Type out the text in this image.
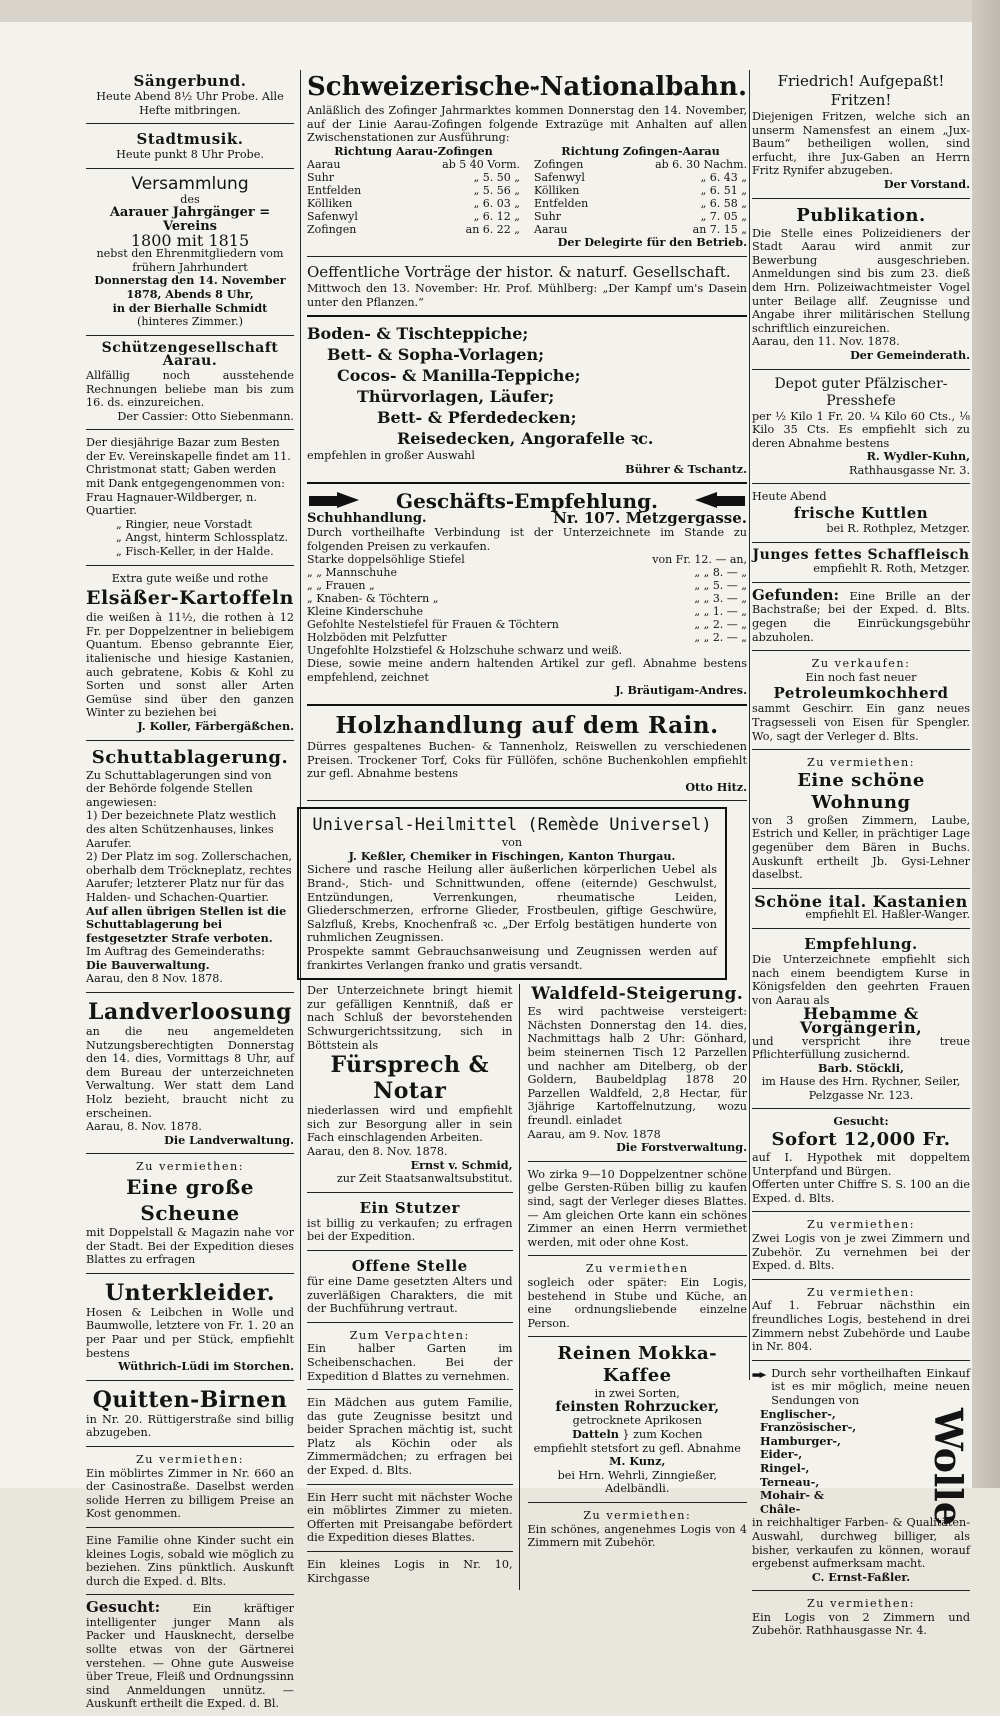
Sängerbund.

Heute Abend 8½ Uhr Probe. Alle Hefte mitbringen.

Stadtmusik.

Heute punkt 8 Uhr Probe.

Versammlung
des
Aarauer Jahrgänger = Vereins
1800 mit 1815
nebst den Ehrenmitgliedern vom frühern Jahrhundert
Donnerstag den 14. November 1878, Abends 8 Uhr,
in der Bierhalle Schmidt
(hinteres Zimmer.)
Schützengesellschaft Aarau.

Allfällig noch ausstehende Rechnungen beliebe man bis zum 16. ds. einzureichen.

Der Cassier: Otto Siebenmann.

Der diesjährige Bazar zum Besten der Ev. Vereinskapelle findet am 11. Christmonat statt; Gaben werden mit Dank entgegengenommen von:

Frau Hagnauer-Wildberger, n. Quartier.

„ Ringier, neue Vorstadt

„ Angst, hinterm Schlossplatz.

„ Fisch-Keller, in der Halde.

Extra gute weiße und rothe

Elsäßer-Kartoffeln

die weißen à 11½, die rothen à 12 Fr. per Doppelzentner in beliebigem Quantum. Ebenso gebrannte Eier, italienische und hiesige Kastanien, auch gebratene, Kobis & Kohl zu Sorten und sonst aller Arten Gemüse sind über den ganzen Winter zu beziehen bei

J. Koller, Färbergäßchen.

Schuttablagerung.

Zu Schuttablagerungen sind von der Behörde folgende Stellen angewiesen:

1) Der bezeichnete Platz westlich des alten Schützenhauses, linkes Aarufer.

2) Der Platz im sog. Zollerschachen, oberhalb dem Tröckneplatz, rechtes Aarufer; letzterer Platz nur für das Halden- und Schachen-Quartier.

Auf allen übrigen Stellen ist die Schuttablagerung bei festgesetzter Strafe verboten.

Im Auftrag des Gemeinderaths:

Die Bauverwaltung.

Aarau, den 8 Nov. 1878.

Landverloosung

an die neu angemeldeten Nutzungsberechtigten Donnerstag den 14. dies, Vormittags 8 Uhr, auf dem Bureau der unterzeichneten Verwaltung. Wer statt dem Land Holz bezieht, braucht nicht zu erscheinen.

Aarau, 8. Nov. 1878.

Die Landverwaltung.

Zu vermiethen:

Eine große Scheune

mit Doppelstall & Magazin nahe vor der Stadt. Bei der Expedition dieses Blattes zu erfragen

Unterkleider.

Hosen & Leibchen in Wolle und Baumwolle, letztere von Fr. 1. 20 an per Paar und per Stück, empfiehlt bestens

Wüthrich-Lüdi im Storchen.

Quitten-Birnen

in Nr. 20. Rüttigerstraße sind billig abzugeben.

Zu vermiethen:

Ein möblirtes Zimmer in Nr. 660 an der Casinostraße. Daselbst werden solide Herren zu billigem Preise an Kost genommen.

Eine Familie ohne Kinder sucht ein kleines Logis, sobald wie möglich zu beziehen. Zins pünktlich. Auskunft durch die Exped. d. Blts.

Gesucht:	Ein kräftiger intelligenter junger Mann als Packer und Hausknecht, derselbe sollte etwas von der Gärtnerei verstehen. — Ohne gute Ausweise über Treue, Fleiß und Ordnungssinn sind Anmeldungen unnütz. — Auskunft ertheilt die Exped. d. Bl.

Schweizerische Nationalbahn.

Anläßlich des Zofinger Jahrmarktes kommen Donnerstag den 14. November, auf der Linie Aarau-Zofingen folgende Extrazüge mit Anhalten auf allen Zwischenstationen zur Ausführung:

Richtung Aarau-Zofingen

Aarau	ab 5 40 Vorm.
Suhr	„ 5. 50 „
Entfelden	„ 5. 56 „
Kölliken	„ 6. 03 „
Safenwyl	„ 6. 12 „
Zofingen	an 6. 22 „

Richtung Zofingen-Aarau

Zofingen	ab 6. 30 Nachm.
Safenwyl	„ 6. 43 „
Kölliken	„ 6. 51 „
Entfelden	„ 6. 58 „
Suhr	„ 7. 05 „
Aarau	an 7. 15 „

Der Delegirte für den Betrieb.

Oeffentliche Vorträge der histor. & naturf. Gesellschaft.

Mittwoch den 13. November: Hr. Prof. Mühlberg: „Der Kampf um's Dasein unter den Pflanzen.“

Boden- & Tischteppiche;
Bett- & Sopha-Vorlagen;
Cocos- & Manilla-Teppiche;
Thürvorlagen, Läufer;
Bett- & Pferdedecken;
Reisedecken, Angorafelle ꝛc.

empfehlen in großer Auswahl

Bührer & Tschantz.

Geschäfts-Empfehlung.
Schuhhandlung.	Nr. 107. Metzgergasse.

Durch vortheilhafte Verbindung ist der Unterzeichnete im Stande zu folgenden Preisen zu verkaufen.

Starke doppelsöhlige Stiefel	von Fr. 12. — an,
„ „ Mannschuhe	„ „ 8. — „
„ „ Frauen „	„ „ 5. — „
„ Knaben- & Töchtern „	„ „ 3. — „
Kleine Kinderschuhe	„ „ 1. — „
Gefohlte Nestelstiefel für Frauen & Töchtern	„ „ 2. — „
Holzböden mit Pelzfutter	„ „ 2. — „
Ungefohlte Holzstiefel & Holzschuhe schwarz und weiß.	

Diese, sowie meine andern haltenden Artikel zur gefl. Abnahme bestens empfehlend, zeichnet

J. Bräutigam-Andres.

Holzhandlung auf dem Rain.

Dürres gespaltenes Buchen- & Tannenholz, Reiswellen zu verschiedenen Preisen. Trockener Torf, Coks für Füllöfen, schöne Buchenkohlen empfiehlt zur gefl. Abnahme bestens

Otto Hitz.

Universal-Heilmittel (Remède Universel)

von

J. Keßler, Chemiker in Fischingen, Kanton Thurgau.

Sichere und rasche Heilung aller äußerlichen körperlichen Uebel als Brand-, Stich- und Schnittwunden, offene (eiternde) Geschwulst, Entzündungen, Verrenkungen, rheumatische Leiden, Gliederschmerzen, erfrorne Glieder, Frostbeulen, giftige Geschwüre, Salzfluß, Krebs, Knochenfraß ꝛc. „Der Erfolg bestätigen hunderte von ruhmlichen Zeugnissen.

Prospekte sammt Gebrauchsanweisung und Zeugnissen werden auf frankirtes Verlangen franko und gratis versandt.

Der Unterzeichnete bringt hiemit zur gefälligen Kenntniß, daß er nach Schluß der bevorstehenden Schwurgerichtssitzung, sich in Böttstein als

Fürsprech & Notar

niederlassen wird und empfiehlt sich zur Besorgung aller in sein Fach einschlagenden Arbeiten.

Aarau, den 8. Nov. 1878.

Ernst v. Schmid,

zur Zeit Staatsanwaltsubstitut.

Ein Stutzer

ist billig zu verkaufen; zu erfragen bei der Expedition.

Offene Stelle

für eine Dame gesetzten Alters und zuverläßigen Charakters, die mit der Buchführung vertraut.

Zum Verpachten:

Ein halber Garten im Scheibenschachen. Bei der Expedition d Blattes zu vernehmen.

Ein Mädchen aus gutem Familie, das gute Zeugnisse besitzt und beider Sprachen mächtig ist, sucht Platz als Köchin oder als Zimmermädchen; zu erfragen bei der Exped. d. Blts.

Ein Herr sucht mit nächster Woche ein möblirtes Zimmer zu mieten. Offerten mit Preisangabe befördert die Expedition dieses Blattes.

Ein kleines Logis in Nr. 10, Kirchgasse

Waldfeld-Steigerung.

Es wird pachtweise versteigert: Nächsten Donnerstag den 14. dies, Nachmittags halb 2 Uhr: Gönhard, beim steinernen Tisch 12 Parzellen und nachher am Ditelberg, ob der Goldern, Baubeldplag 1878 20 Parzellen Waldfeld, 2,8 Hectar, für 3jährige Kartoffelnutzung, wozu freundl. einladet

Aarau, am 9. Nov. 1878

Die Forstverwaltung.

Wo zirka 9—10 Doppelzentner schöne gelbe Gersten-Rüben billig zu kaufen sind, sagt der Verleger dieses Blattes. — Am gleichen Orte kann ein schönes Zimmer an einen Herrn vermiethet werden, mit oder ohne Kost.

Zu vermiethen

sogleich oder später: Ein Logis, bestehend in Stube und Küche, an eine ordnungsliebende einzelne Person.

Reinen Mokka-Kaffee
in zwei Sorten,
feinsten Rohrzucker,
getrocknete Aprikosen
Datteln } zum Kochen
empfiehlt stetsfort zu gefl. Abnahme
M. Kunz,
bei Hrn. Wehrli, Zinngießer, Adelbändli.

Zu vermiethen:

Ein schönes, angenehmes Logis von 4 Zimmern mit Zubehör.

Friedrich! Aufgepaßt! Fritzen!

Diejenigen Fritzen, welche sich an unserm Namensfest an einem „Jux-Baum“ betheiligen wollen, sind erfucht, ihre Jux-Gaben an Herrn Fritz Rynifer abzugeben.

Der Vorstand.

Publikation.

Die Stelle eines Polizeidieners der Stadt Aarau wird anmit zur Bewerbung ausgeschrieben. Anmeldungen sind bis zum 23. dieß dem Hrn. Polizeiwachtmeister Vogel unter Beilage allf. Zeugnisse und Angabe ihrer militärischen Stellung schriftlich einzureichen.

Aarau, den 11. Nov. 1878.

Der Gemeinderath.

Depot guter Pfälzischer-Presshefe

per ½ Kilo 1 Fr. 20. ¼ Kilo 60 Cts., ⅛ Kilo 35 Cts. Es empfiehlt sich zu deren Abnahme bestens

R. Wydler-Kuhn,

Rathhausgasse Nr. 3.

Heute Abend

frische Kuttlen

bei R. Rothplez, Metzger.

Junges fettes Schaffleisch

empfiehlt R. Roth, Metzger.

Gefunden: Eine Brille an der Bachstraße; bei der Exped. d. Blts. gegen die Einrückungsgebühr abzuholen.

Zu verkaufen:

Ein noch fast neuer

Petroleumkochherd

sammt Geschirr. Ein ganz neues Tragsesseli von Eisen für Spengler. Wo, sagt der Verleger d. Blts.

Zu vermiethen:

Eine schöne Wohnung

von 3 großen Zimmern, Laube, Estrich und Keller, in prächtiger Lage gegenüber dem Bären in Buchs. Auskunft ertheilt Jb. Gysi-Lehner daselbst.

Schöne ital. Kastanien

empfiehlt El. Haßler-Wanger.

Empfehlung.

Die Unterzeichnete empfiehlt sich nach einem beendigtem Kurse in Königsfelden den geehrten Frauen von Aarau als

Hebamme & Vorgängerin,

und verspricht ihre treue Pflichterfüllung zusichernd.

Barb. Stöckli,

im Hause des Hrn. Rychner, Seiler, Pelzgasse Nr. 123.

Gesucht:

Sofort 12,000 Fr.

auf I. Hypothek mit doppeltem Unterpfand und Bürgen.

Offerten unter Chiffre S. S. 100 an die Exped. d. Blts.

Zu vermiethen:

Zwei Logis von je zwei Zimmern und Zubehör. Zu vernehmen bei der Exped. d. Blts.

Zu vermiethen:

Auf 1. Februar nächsthin ein freundliches Logis, bestehend in drei Zimmern nebst Zubehörde und Laube in Nr. 804.

Durch sehr vortheilhaften Einkauf ist es mir möglich, meine neuen Sendungen von

Englischer-,
Französischer-,
Hamburger-,
Eider-,
Ringel-,
Terneau-,
Mohair- &
Châle-	Wolle

in reichhaltiger Farben- & Qualitäten-Auswahl, durchweg billiger, als bisher, verkaufen zu können, worauf ergebenst aufmerksam macht.

C. Ernst-Faßler.

Zu vermiethen:

Ein Logis von 2 Zimmern und Zubehör. Rathhausgasse Nr. 4.
